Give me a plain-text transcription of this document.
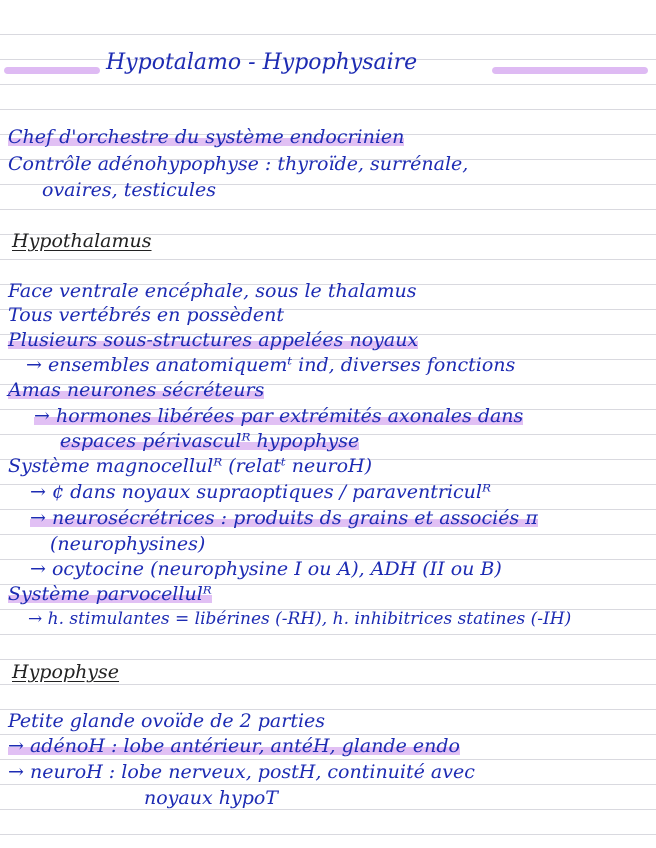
Hypotalamo - Hypophysaire
Chef d'orchestre du système endocrinien
Contrôle adénohypophyse : thyroïde, surrénale,
ovaires, testicules
Hypothalamus
Face ventrale encéphale, sous le thalamus
Tous vertébrés en possèdent
Plusieurs sous-structures appelées noyaux
→ ensembles anatomiquemᵗ ind, diverses fonctions
Amas neurones sécréteurs
→ hormones libérées par extrémités axonales dans
espaces périvasculᴿ hypophyse
Système magnocellulᴿ (relatᵗ neuroH)
→ ¢ dans noyaux supraoptiques / paraventriculᴿ
→ neurosécrétrices : produits ds grains et associés π
(neurophysines)
→ ocytocine (neurophysine I ou A), ADH (II ou B)
Système parvocellulᴿ
→ h. stimulantes = libérines (-RH), h. inhibitrices statines (-IH)
Hypophyse
Petite glande ovoïde de 2 parties
→ adénoH : lobe antérieur, antéH, glande endo
→ neuroH : lobe nerveux, postH, continuité avec
noyaux hypoT
